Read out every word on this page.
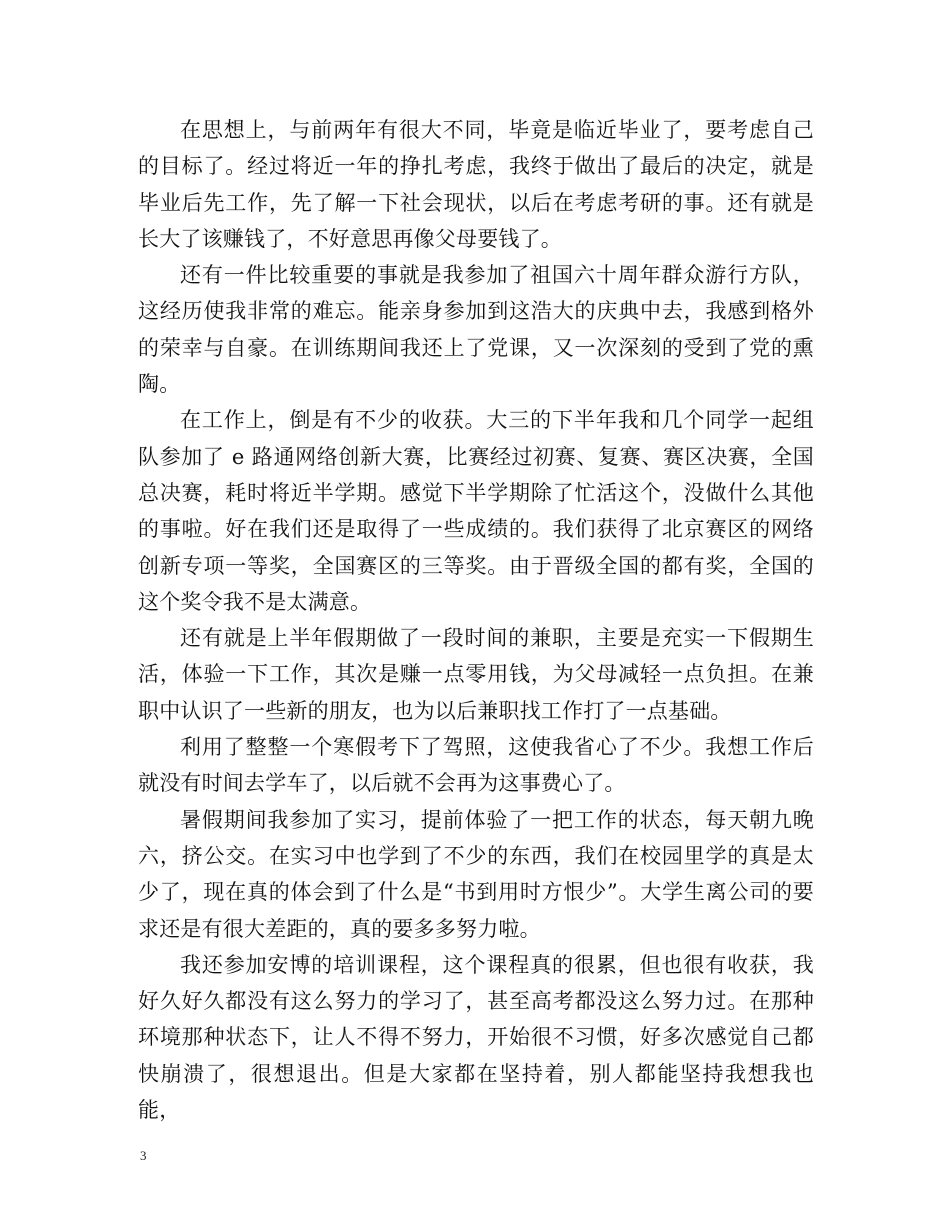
在思想上，与前两年有很大不同，毕竟是临近毕业了，要考虑自己的目标了。经过将近一年的挣扎考虑，我终于做出了最后的决定，就是毕业后先工作，先了解一下社会现状，以后在考虑考研的事。还有就是长大了该赚钱了，不好意思再像父母要钱了。

还有一件比较重要的事就是我参加了祖国六十周年群众游行方队，这经历使我非常的难忘。能亲身参加到这浩大的庆典中去，我感到格外的荣幸与自豪。在训练期间我还上了党课，又一次深刻的受到了党的熏陶。

在工作上，倒是有不少的收获。大三的下半年我和几个同学一起组队参加了 e 路通网络创新大赛，比赛经过初赛、复赛、赛区决赛，全国总决赛，耗时将近半学期。感觉下半学期除了忙活这个，没做什么其他的事啦。好在我们还是取得了一些成绩的。我们获得了北京赛区的网络创新专项一等奖，全国赛区的三等奖。由于晋级全国的都有奖，全国的这个奖令我不是太满意。

还有就是上半年假期做了一段时间的兼职，主要是充实一下假期生活，体验一下工作，其次是赚一点零用钱，为父母减轻一点负担。在兼职中认识了一些新的朋友，也为以后兼职找工作打了一点基础。

利用了整整一个寒假考下了驾照，这使我省心了不少。我想工作后就没有时间去学车了，以后就不会再为这事费心了。

暑假期间我参加了实习，提前体验了一把工作的状态，每天朝九晚六，挤公交。在实习中也学到了不少的东西，我们在校园里学的真是太少了，现在真的体会到了什么是“书到用时方恨少”。大学生离公司的要求还是有很大差距的，真的要多多努力啦。

我还参加安博的培训课程，这个课程真的很累，但也很有收获，我好久好久都没有这么努力的学习了，甚至高考都没这么努力过。在那种环境那种状态下，让人不得不努力，开始很不习惯，好多次感觉自己都快崩溃了，很想退出。但是大家都在坚持着，别人都能坚持我想我也能，

3
